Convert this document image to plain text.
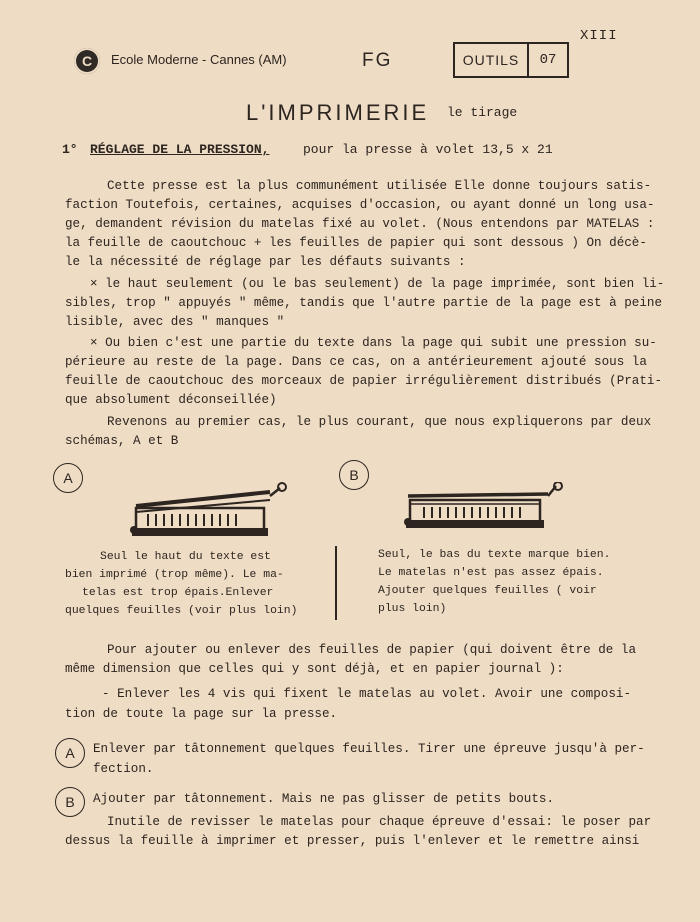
XIII
C	Ecole Moderne - Cannes (AM)	FG	OUTILS	07
L'IMPRIMERIE le tirage
1° RÉGLAGE DE LA PRESSION,	pour la presse à volet 13,5 x 21
Cette presse est la plus communément utilisée Elle donne toujours satis-
faction Toutefois, certaines, acquises d'occasion, ou ayant donné un long usa-
ge, demandent révision du matelas fixé au volet. (Nous entendons par MATELAS :
la feuille de caoutchouc + les feuilles de papier qui sont dessous ) On décè-
le la nécessité de réglage par les défauts suivants :
× le haut seulement (ou le bas seulement) de la page imprimée, sont bien li-
sibles, trop " appuyés " même, tandis que l'autre partie de la page est à peine
lisible, avec des " manques "
× Ou bien c'est une partie du texte dans la page qui subit une pression su-
périeure au reste de la page. Dans ce cas, on a antérieurement ajouté sous la
feuille de caoutchouc des morceaux de papier irrégulièrement distribués (Prati-
que absolument déconseillée)
Revenons au premier cas, le plus courant, que nous expliquerons par deux
schémas, A et B
A
Seul le haut du texte est
bien imprimé (trop même). Le ma-
telas est trop épais.Enlever
quelques feuilles (voir plus loin)
B
Seul, le bas du texte marque bien.
Le matelas n'est pas assez épais.
Ajouter quelques feuilles ( voir
plus loin)
Pour ajouter ou enlever des feuilles de papier (qui doivent être de la
même dimension que celles qui y sont déjà, et en papier journal ):
- Enlever les 4 vis qui fixent le matelas au volet. Avoir une composi-
tion de toute la page sur la presse.
A	Enlever par tâtonnement quelques feuilles. Tirer une épreuve jusqu'à per-
fection.
B	Ajouter par tâtonnement. Mais ne pas glisser de petits bouts.
Inutile de revisser le matelas pour chaque épreuve d'essai: le poser par
dessus la feuille à imprimer et presser, puis l'enlever et le remettre ainsi
